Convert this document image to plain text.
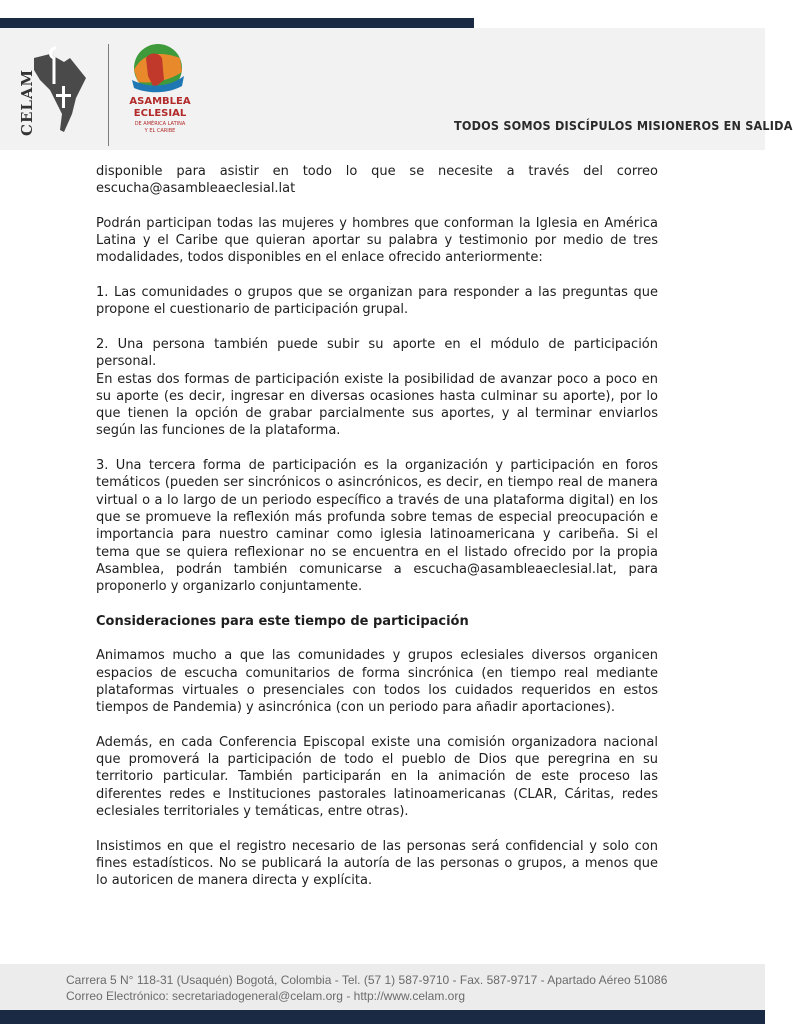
CELAM	ASAMBLEA
ECLESIAL
DE AMÉRICA LATINA
Y EL CARIBE	TODOS SOMOS DISCÍPULOS MISIONEROS EN SALIDA

disponible para asistir en todo lo que se necesite a través del correo escucha@asambleaeclesial.lat

Podrán participan todas las mujeres y hombres que conforman la Iglesia en América Latina y el Caribe que quieran aportar su palabra y testimonio por medio de tres modalidades, todos disponibles en el enlace ofrecido anteriormente:

1. Las comunidades o grupos que se organizan para responder a las preguntas que propone el cuestionario de participación grupal.

2. Una persona también puede subir su aporte en el módulo de participación personal.

En estas dos formas de participación existe la posibilidad de avanzar poco a poco en su aporte (es decir, ingresar en diversas ocasiones hasta culminar su aporte), por lo que tienen la opción de grabar parcialmente sus aportes, y al terminar enviarlos según las funciones de la plataforma.

3. Una tercera forma de participación es la organización y participación en foros temáticos (pueden ser sincrónicos o asincrónicos, es decir, en tiempo real de manera virtual o a lo largo de un periodo específico a través de una plataforma digital) en los que se promueve la reflexión más profunda sobre temas de especial preocupación e importancia para nuestro caminar como iglesia latinoamericana y caribeña. Si el tema que se quiera reflexionar no se encuentra en el listado ofrecido por la propia Asamblea, podrán también comunicarse a escucha@asambleaeclesial.lat, para proponerlo y organizarlo conjuntamente.

Consideraciones para este tiempo de participación

Animamos mucho a que las comunidades y grupos eclesiales diversos organicen espacios de escucha comunitarios de forma sincrónica (en tiempo real mediante plataformas virtuales o presenciales con todos los cuidados requeridos en estos tiempos de Pandemia) y asincrónica (con un periodo para añadir aportaciones).

Además, en cada Conferencia Episcopal existe una comisión organizadora nacional que promoverá la participación de todo el pueblo de Dios que peregrina en su territorio particular. También participarán en la animación de este proceso las diferentes redes e Instituciones pastorales latinoamericanas (CLAR, Cáritas, redes eclesiales territoriales y temáticas, entre otras).

Insistimos en que el registro necesario de las personas será confidencial y solo con fines estadísticos. No se publicará la autoría de las personas o grupos, a menos que lo autoricen de manera directa y explícita.

Carrera 5 N° 118-31 (Usaquén) Bogotá, Colombia - Tel. (57 1) 587-9710 - Fax. 587-9717 - Apartado Aéreo 51086
Correo Electrónico: secretariadogeneral@celam.org - http://www.celam.org
